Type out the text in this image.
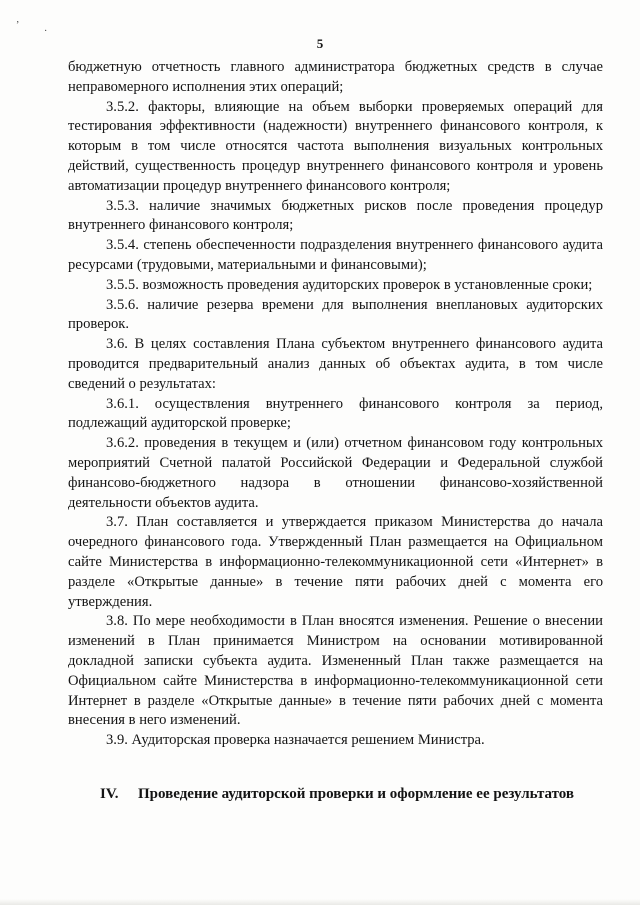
‚
·
5

бюджетную отчетность главного администратора бюджетных средств в случае неправомерного исполнения этих операций;

3.5.2. факторы, влияющие на объем выборки проверяемых операций для тестирования эффективности (надежности) внутреннего финансового контроля, к которым в том числе относятся частота выполнения визуальных контрольных действий, существенность процедур внутреннего финансового контроля и уровень автоматизации процедур внутреннего финансового контроля;

3.5.3. наличие значимых бюджетных рисков после проведения процедур внутреннего финансового контроля;

3.5.4. степень обеспеченности подразделения внутреннего финансового аудита ресурсами (трудовыми, материальными и финансовыми);

3.5.5. возможность проведения аудиторских проверок в установленные сроки;

3.5.6. наличие резерва времени для выполнения внеплановых аудиторских проверок.

3.6. В целях составления Плана субъектом внутреннего финансового аудита проводится предварительный анализ данных об объектах аудита, в том числе сведений о результатах:

3.6.1. осуществления внутреннего финансового контроля за период, подлежащий аудиторской проверке;

3.6.2. проведения в текущем и (или) отчетном финансовом году контрольных мероприятий Счетной палатой Российской Федерации и Федеральной службой финансово-бюджетного надзора в отношении финансово-хозяйственной деятельности объектов аудита.

3.7. План составляется и утверждается приказом Министерства до начала очередного финансового года. Утвержденный План размещается на Официальном сайте Министерства в информационно-телекоммуникационной сети «Интернет» в разделе «Открытые данные» в течение пяти рабочих дней с момента его утверждения.

3.8. По мере необходимости в План вносятся изменения. Решение о внесении изменений в План принимается Министром на основании мотивированной докладной записки субъекта аудита. Измененный План также размещается на Официальном сайте Министерства в информационно-телекоммуникационной сети Интернет в разделе «Открытые данные» в течение пяти рабочих дней с момента внесения в него изменений.

3.9. Аудиторская проверка назначается решением Министра.

IV. Проведение аудиторской проверки и оформление ее результатов
